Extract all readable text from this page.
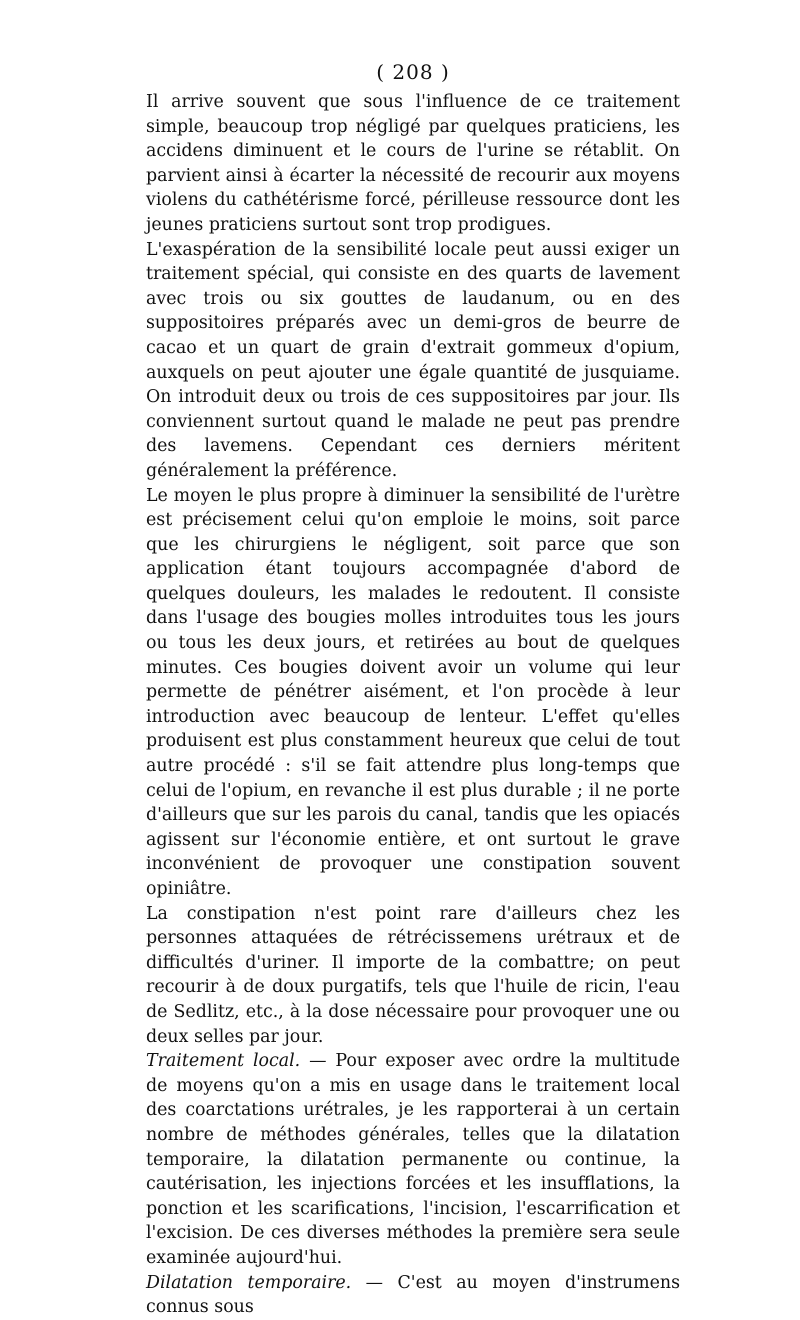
( 208 )

Il arrive souvent que sous l'influence de ce traitement simple, beaucoup trop négligé par quelques praticiens, les accidens diminuent et le cours de l'urine se rétablit. On parvient ainsi à écarter la nécessité de recourir aux moyens violens du cathétérisme forcé, périlleuse ressource dont les jeunes praticiens surtout sont trop prodigues.

L'exaspération de la sensibilité locale peut aussi exiger un traitement spécial, qui consiste en des quarts de lavement avec trois ou six gouttes de laudanum, ou en des suppositoires préparés avec un demi-gros de beurre de cacao et un quart de grain d'extrait gommeux d'opium, auxquels on peut ajouter une égale quantité de jusquiame. On introduit deux ou trois de ces suppositoires par jour. Ils conviennent surtout quand le malade ne peut pas prendre des lavemens. Cependant ces derniers méritent généralement la préférence.

Le moyen le plus propre à diminuer la sensibilité de l'urètre est précisement celui qu'on emploie le moins, soit parce que les chirurgiens le négligent, soit parce que son application étant toujours accompagnée d'abord de quelques douleurs, les malades le redoutent. Il consiste dans l'usage des bougies molles introduites tous les jours ou tous les deux jours, et retirées au bout de quelques minutes. Ces bougies doivent avoir un volume qui leur permette de pénétrer aisément, et l'on procède à leur introduction avec beaucoup de lenteur. L'effet qu'elles produisent est plus constamment heureux que celui de tout autre procédé : s'il se fait attendre plus long-temps que celui de l'opium, en revanche il est plus durable ; il ne porte d'ailleurs que sur les parois du canal, tandis que les opiacés agissent sur l'économie entière, et ont surtout le grave inconvénient de provoquer une constipation souvent opiniâtre.

La constipation n'est point rare d'ailleurs chez les personnes attaquées de rétrécissemens urétraux et de difficultés d'uriner. Il importe de la combattre; on peut recourir à de doux purgatifs, tels que l'huile de ricin, l'eau de Sedlitz, etc., à la dose nécessaire pour provoquer une ou deux selles par jour.

Traitement local. — Pour exposer avec ordre la multitude de moyens qu'on a mis en usage dans le traitement local des coarctations urétrales, je les rapporterai à un certain nombre de méthodes générales, telles que la dilatation temporaire, la dilatation permanente ou continue, la cautérisation, les injections forcées et les insufflations, la ponction et les scarifications, l'incision, l'escarrification et l'excision. De ces diverses méthodes la première sera seule examinée aujourd'hui.

Dilatation temporaire. — C'est au moyen d'instrumens connus sous
